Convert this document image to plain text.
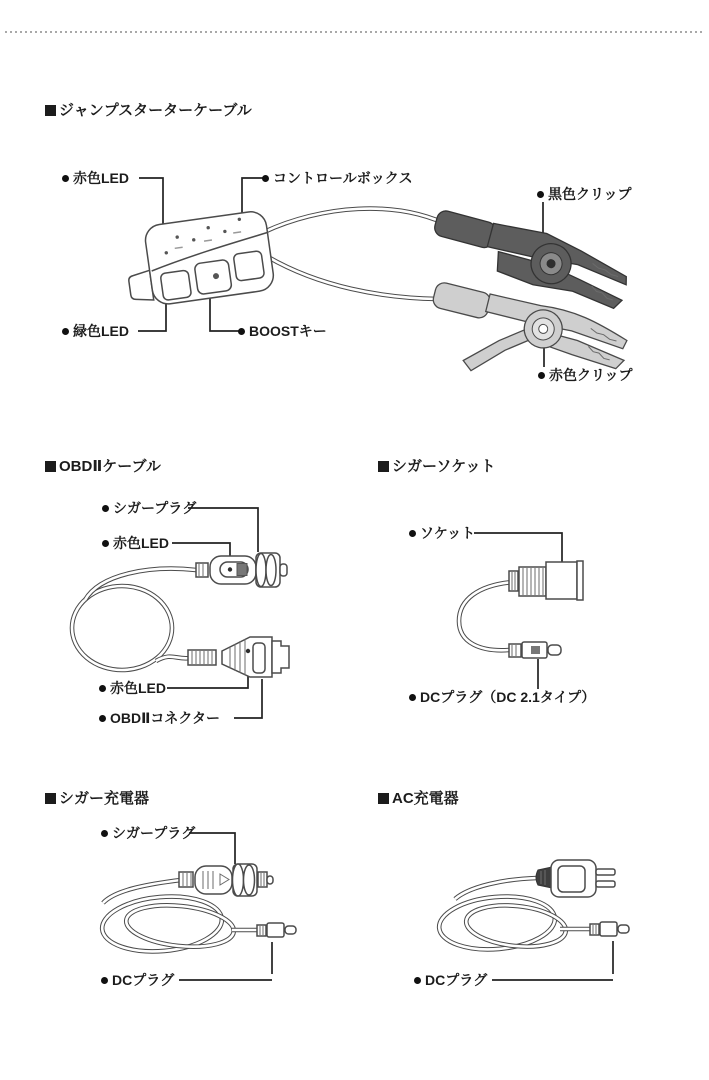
ジャンプスターターケーブル
OBDⅡケーブル	シガーソケット
シガー充電器	AC充電器
赤色LED	コントロールボックス
黒色クリップ
緑色LED	BOOSTキー
赤色クリップ
シガープラグ
赤色LED
赤色LED
OBDⅡコネクター
ソケット
DCプラグ（DC 2.1タイプ）
シガープラグ
DCプラグ	DCプラグ
